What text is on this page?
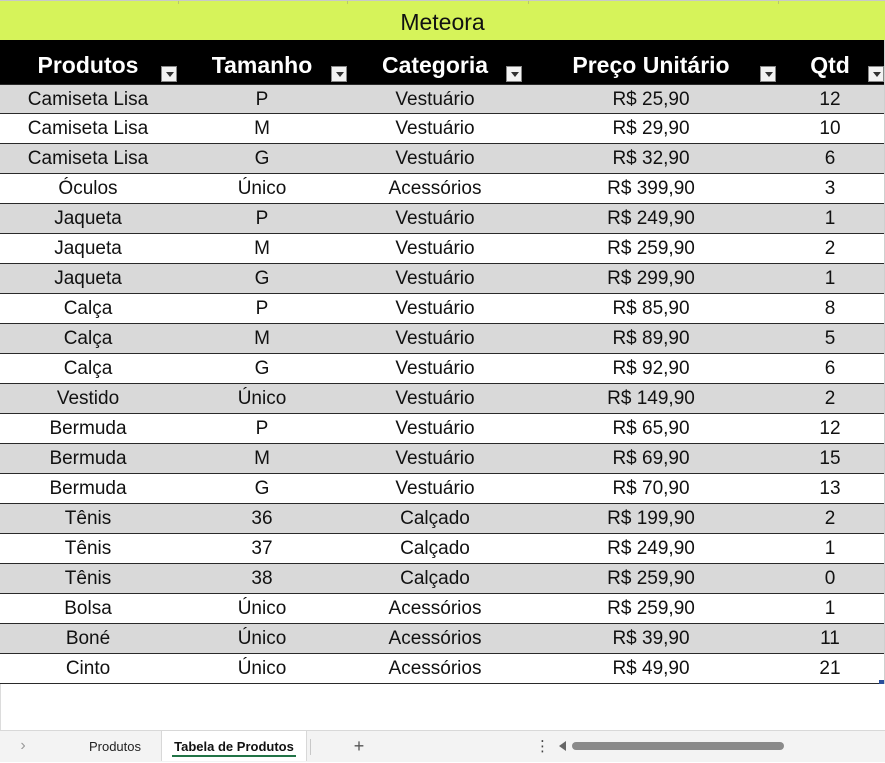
Meteora
Produtos	Tamanho	Categoria	Preço Unitário	Qtd
Camiseta Lisa	P	Vestuário	R$ 25,90	12
Camiseta Lisa	M	Vestuário	R$ 29,90	10
Camiseta Lisa	G	Vestuário	R$ 32,90	6
Óculos	Único	Acessórios	R$ 399,90	3
Jaqueta	P	Vestuário	R$ 249,90	1
Jaqueta	M	Vestuário	R$ 259,90	2
Jaqueta	G	Vestuário	R$ 299,90	1
Calça	P	Vestuário	R$ 85,90	8
Calça	M	Vestuário	R$ 89,90	5
Calça	G	Vestuário	R$ 92,90	6
Vestido	Único	Vestuário	R$ 149,90	2
Bermuda	P	Vestuário	R$ 65,90	12
Bermuda	M	Vestuário	R$ 69,90	15
Bermuda	G	Vestuário	R$ 70,90	13
Tênis	36	Calçado	R$ 199,90	2
Tênis	37	Calçado	R$ 249,90	1
Tênis	38	Calçado	R$ 259,90	0
Bolsa	Único	Acessórios	R$ 259,90	1
Boné	Único	Acessórios	R$ 39,90	11
Cinto	Único	Acessórios	R$ 49,90	21
›	Produtos	Tabela de Produtos	+	⋮
